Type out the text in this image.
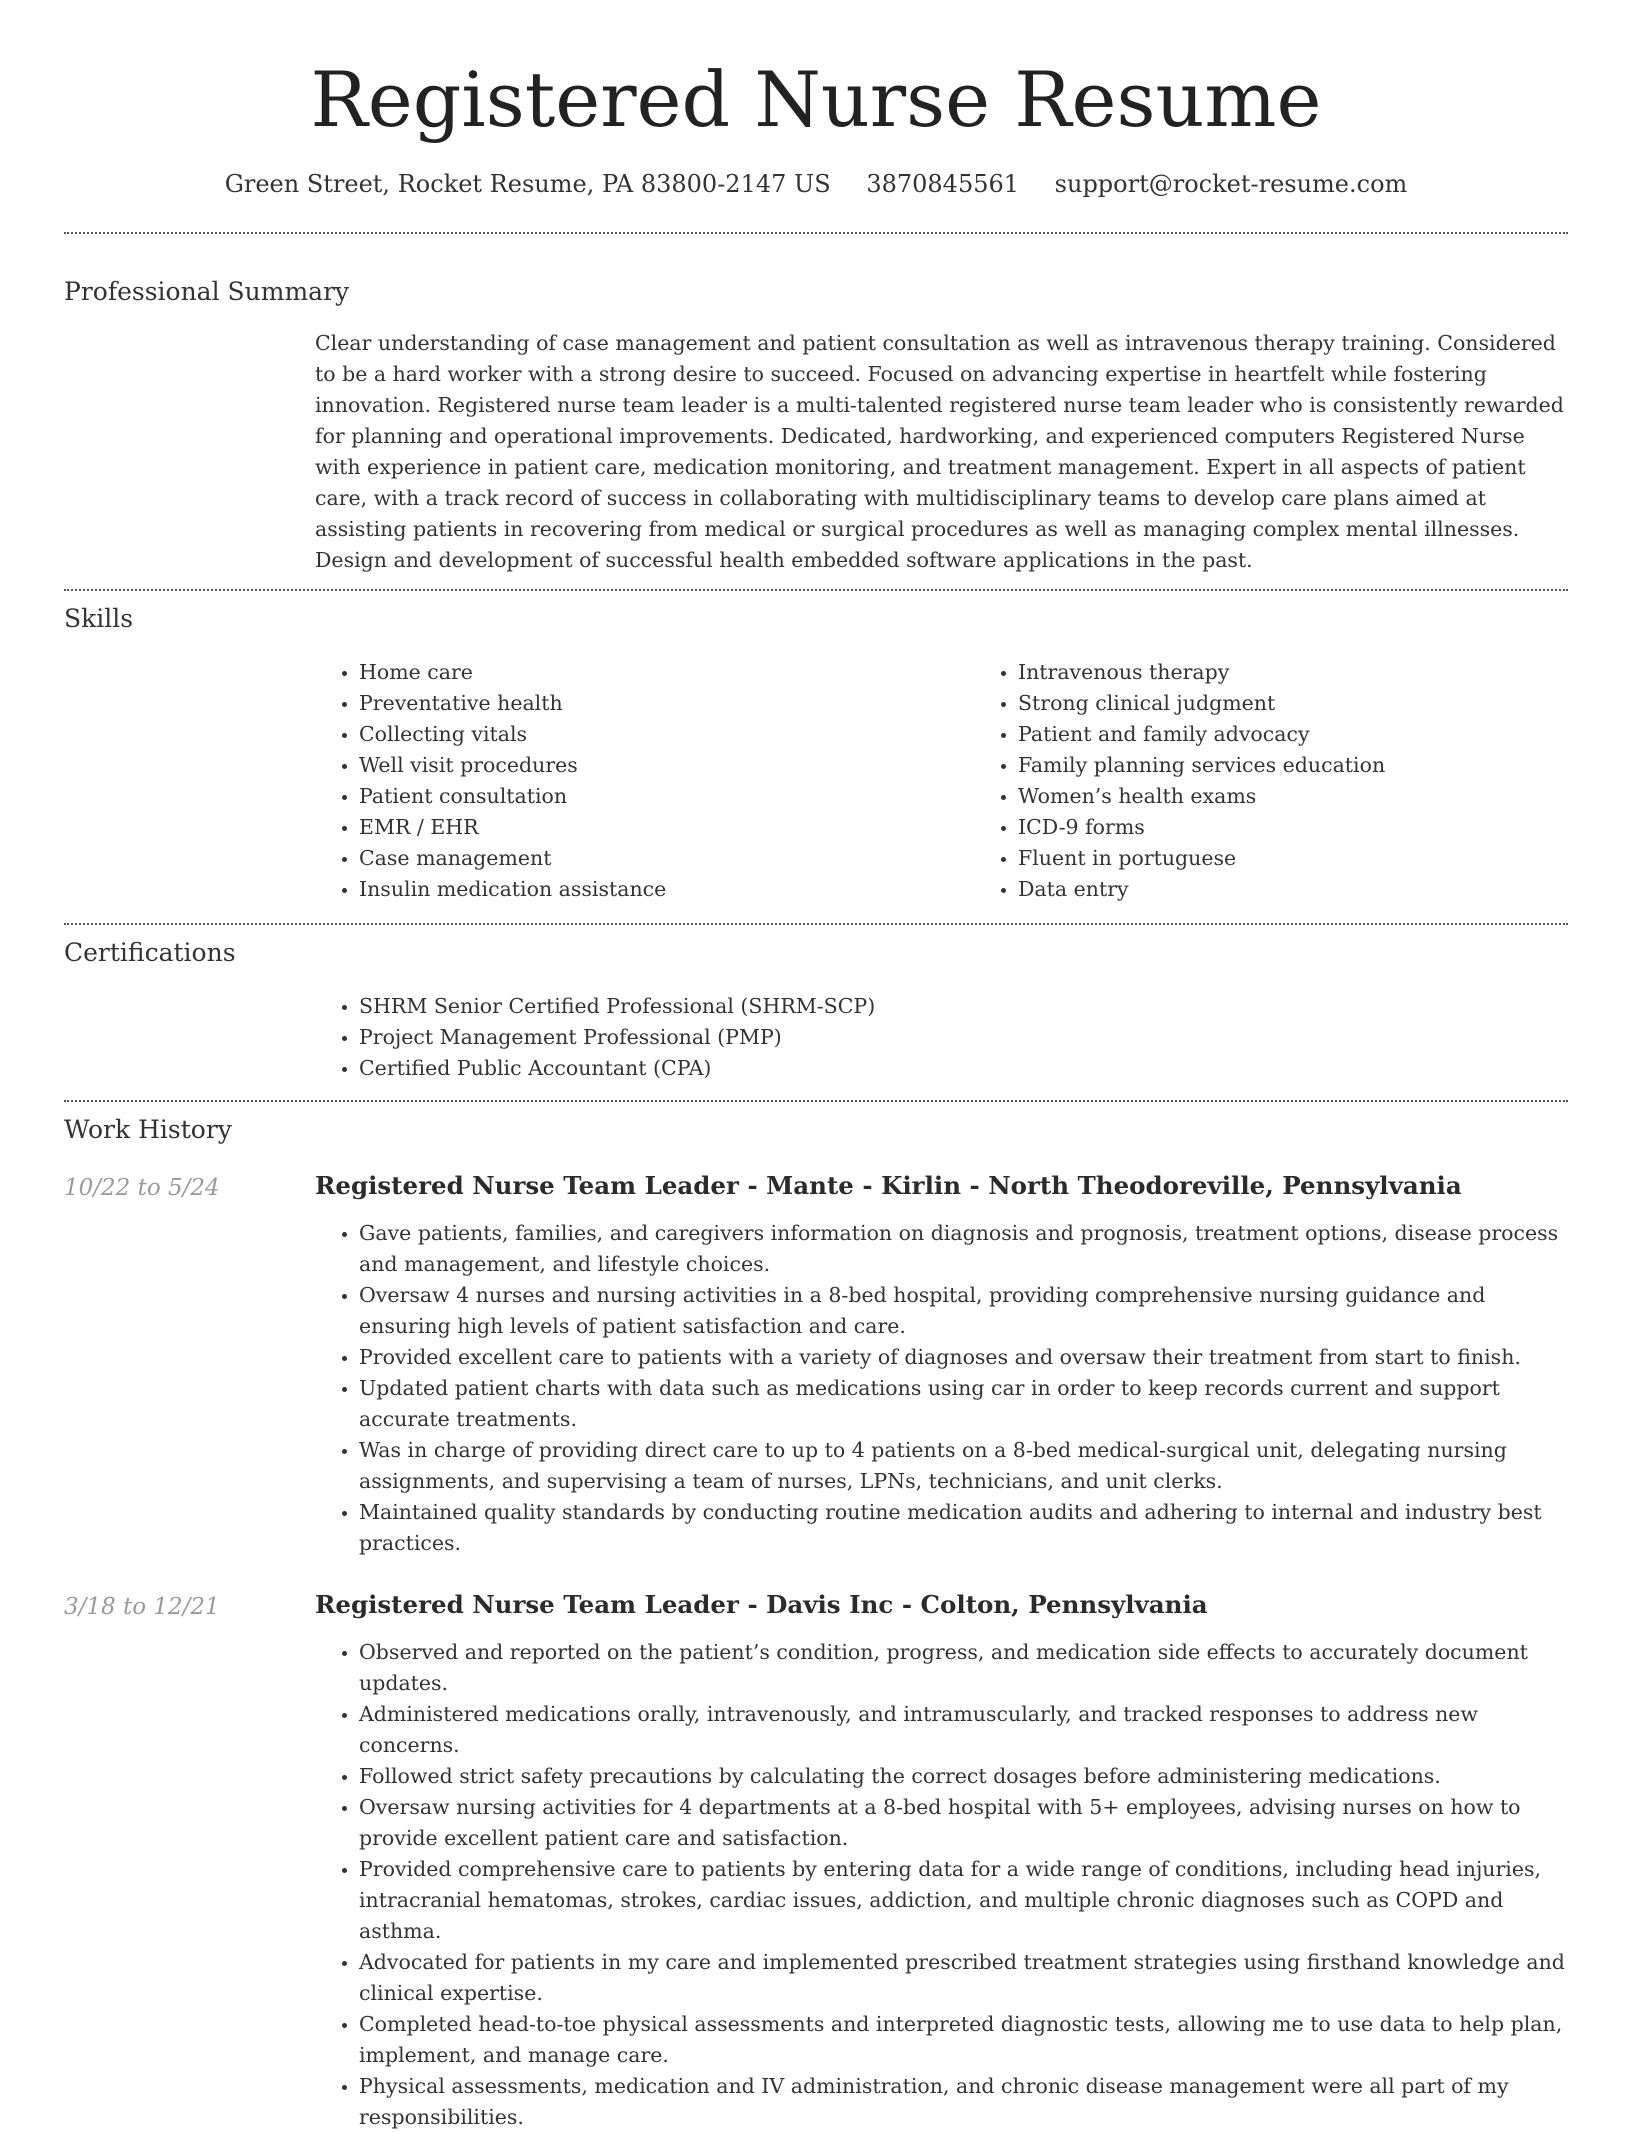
Registered Nurse Resume
Green Street, Rocket Resume, PA 83800-2147 US 3870845561 support@rocket-resume.com
Professional Summary

Clear understanding of case management and patient consultation as well as intravenous therapy training. Considered to be a hard worker with a strong desire to succeed. Focused on advancing expertise in heartfelt while fostering innovation. Registered nurse team leader is a multi-talented registered nurse team leader who is consistently rewarded for planning and operational improvements. Dedicated, hardworking, and experienced computers Registered Nurse with experience in patient care, medication monitoring, and treatment management. Expert in all aspects of patient care, with a track record of success in collaborating with multidisciplinary teams to develop care plans aimed at assisting patients in recovering from medical or surgical procedures as well as managing complex mental illnesses. Design and development of successful health embedded software applications in the past.

Skills
• Home care
• Preventative health
• Collecting vitals
• Well visit procedures
• Patient consultation
• EMR / EHR
• Case management
• Insulin medication assistance
• Intravenous therapy
• Strong clinical judgment
• Patient and family advocacy
• Family planning services education
• Women’s health exams
• ICD-9 forms
• Fluent in portuguese
• Data entry
Certifications
• SHRM Senior Certified Professional (SHRM-SCP)
• Project Management Professional (PMP)
• Certified Public Accountant (CPA)
Work History
10/22 to 5/24	Registered Nurse Team Leader - Mante - Kirlin - North Theodoreville, Pennsylvania
• Gave patients, families, and caregivers information on diagnosis and prognosis, treatment options, disease process and management, and lifestyle choices.
• Oversaw 4 nurses and nursing activities in a 8-bed hospital, providing comprehensive nursing guidance and ensuring high levels of patient satisfaction and care.
• Provided excellent care to patients with a variety of diagnoses and oversaw their treatment from start to finish.
• Updated patient charts with data such as medications using car in order to keep records current and support accurate treatments.
• Was in charge of providing direct care to up to 4 patients on a 8-bed medical-surgical unit, delegating nursing assignments, and supervising a team of nurses, LPNs, technicians, and unit clerks.
• Maintained quality standards by conducting routine medication audits and adhering to internal and industry best practices.
3/18 to 12/21	Registered Nurse Team Leader - Davis Inc - Colton, Pennsylvania
• Observed and reported on the patient’s condition, progress, and medication side effects to accurately document updates.
• Administered medications orally, intravenously, and intramuscularly, and tracked responses to address new concerns.
• Followed strict safety precautions by calculating the correct dosages before administering medications.
• Oversaw nursing activities for 4 departments at a 8-bed hospital with 5+ employees, advising nurses on how to provide excellent patient care and satisfaction.
• Provided comprehensive care to patients by entering data for a wide range of conditions, including head injuries, intracranial hematomas, strokes, cardiac issues, addiction, and multiple chronic diagnoses such as COPD and asthma.
• Advocated for patients in my care and implemented prescribed treatment strategies using firsthand knowledge and clinical expertise.
• Completed head-to-toe physical assessments and interpreted diagnostic tests, allowing me to use data to help plan, implement, and manage care.
• Physical assessments, medication and IV administration, and chronic disease management were all part of my responsibilities.
